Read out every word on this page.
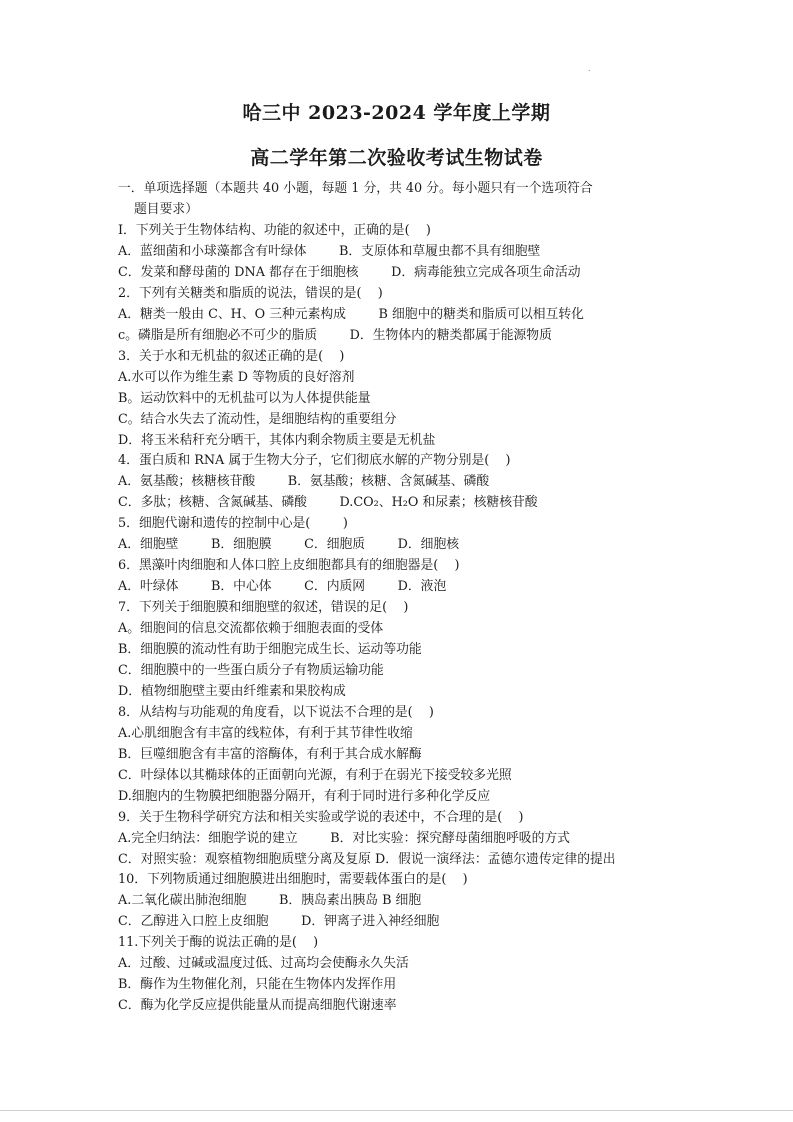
哈三中 2023-2024 学年度上学期
高二学年第二次验收考试生物试卷
一．单项选择题（本题共 40 小题，每题 1 分，共 40 分。每小题只有一个选项符合
题目要求）
I．下列关于生物体结构、功能的叙述中，正确的是(    )
A．蓝细菌和小球藻都含有叶绿体        B．支原体和草履虫都不具有细胞壁
C．发菜和酵母菌的 DNA 都存在于细胞核        D．病毒能独立完成各项生命活动
2．下列有关糖类和脂质的说法，错误的是(    )
A．糖类一般由 C、H、O 三种元素构成        B 细胞中的糖类和脂质可以相互转化
c。磷脂是所有细胞必不可少的脂质        D．生物体内的糖类都属于能源物质
3．关于水和无机盐的叙述正确的是(    )
A.水可以作为维生素 D 等物质的良好溶剂
B。运动饮料中的无机盐可以为人体提供能量
C。结合水失去了流动性，是细胞结构的重要组分
D．将玉米秸秆充分晒干，其体内剩余物质主要是无机盐
4．蛋白质和 RNA 属于生物大分子，它们彻底水解的产物分别是(    )
A．氨基酸；核糖核苷酸        B．氨基酸；核糖、含氮碱基、磷酸
C．多肽；核糖、含氮碱基、磷酸        D.CO₂、H₂O 和尿素；核糖核苷酸
5．细胞代谢和遗传的控制中心是(        )
A．细胞壁        B．细胞膜        C．细胞质        D．细胞核
6．黑藻叶肉细胞和人体口腔上皮细胞都具有的细胞器是(    )
A．叶绿体        B．中心体        C．内质网        D．液泡
7．下列关于细胞膜和细胞壁的叙述，错误的足(    )
A。细胞间的信息交流都依赖于细胞表面的受体
B．细胞膜的流动性有助于细胞完成生长、运动等功能
C．细胞膜中的一些蛋白质分子有物质运输功能
D．植物细胞壁主要由纤维素和果胶构成
8．从结构与功能观的角度看，以下说法不合理的是(    )
A.心肌细胞含有丰富的线粒体，有利于其节律性收缩
B．巨噬细胞含有丰富的溶酶体，有利于其合成水解酶
C．叶绿体以其椭球体的正面朝向光源，有利于在弱光下接受较多光照
D.细胞内的生物膜把细胞器分隔开，有利于同时进行多种化学反应
9．关于生物科学研究方法和相关实验或学说的表述中，不合理的是(    )
A.完全归纳法：细胞学说的建立        B．对比实验：探究酵母菌细胞呼吸的方式
C．对照实验：观察植物细胞质壁分离及复原 D．假说一演绎法：孟德尔遗传定律的提出
10．下列物质通过细胞膜进出细胞时，需要载体蛋白的是(    )
A.二氧化碳出肺泡细胞        B．胰岛素出胰岛 B 细胞
C．乙醇进入口腔上皮细胞        D．钾离子进入神经细胞
11.下列关于酶的说法正确的是(    )
A．过酸、过碱或温度过低、过高均会使酶永久失活
B．酶作为生物催化剂，只能在生物体内发挥作用
C．酶为化学反应提供能量从而提高细胞代谢速率
.
